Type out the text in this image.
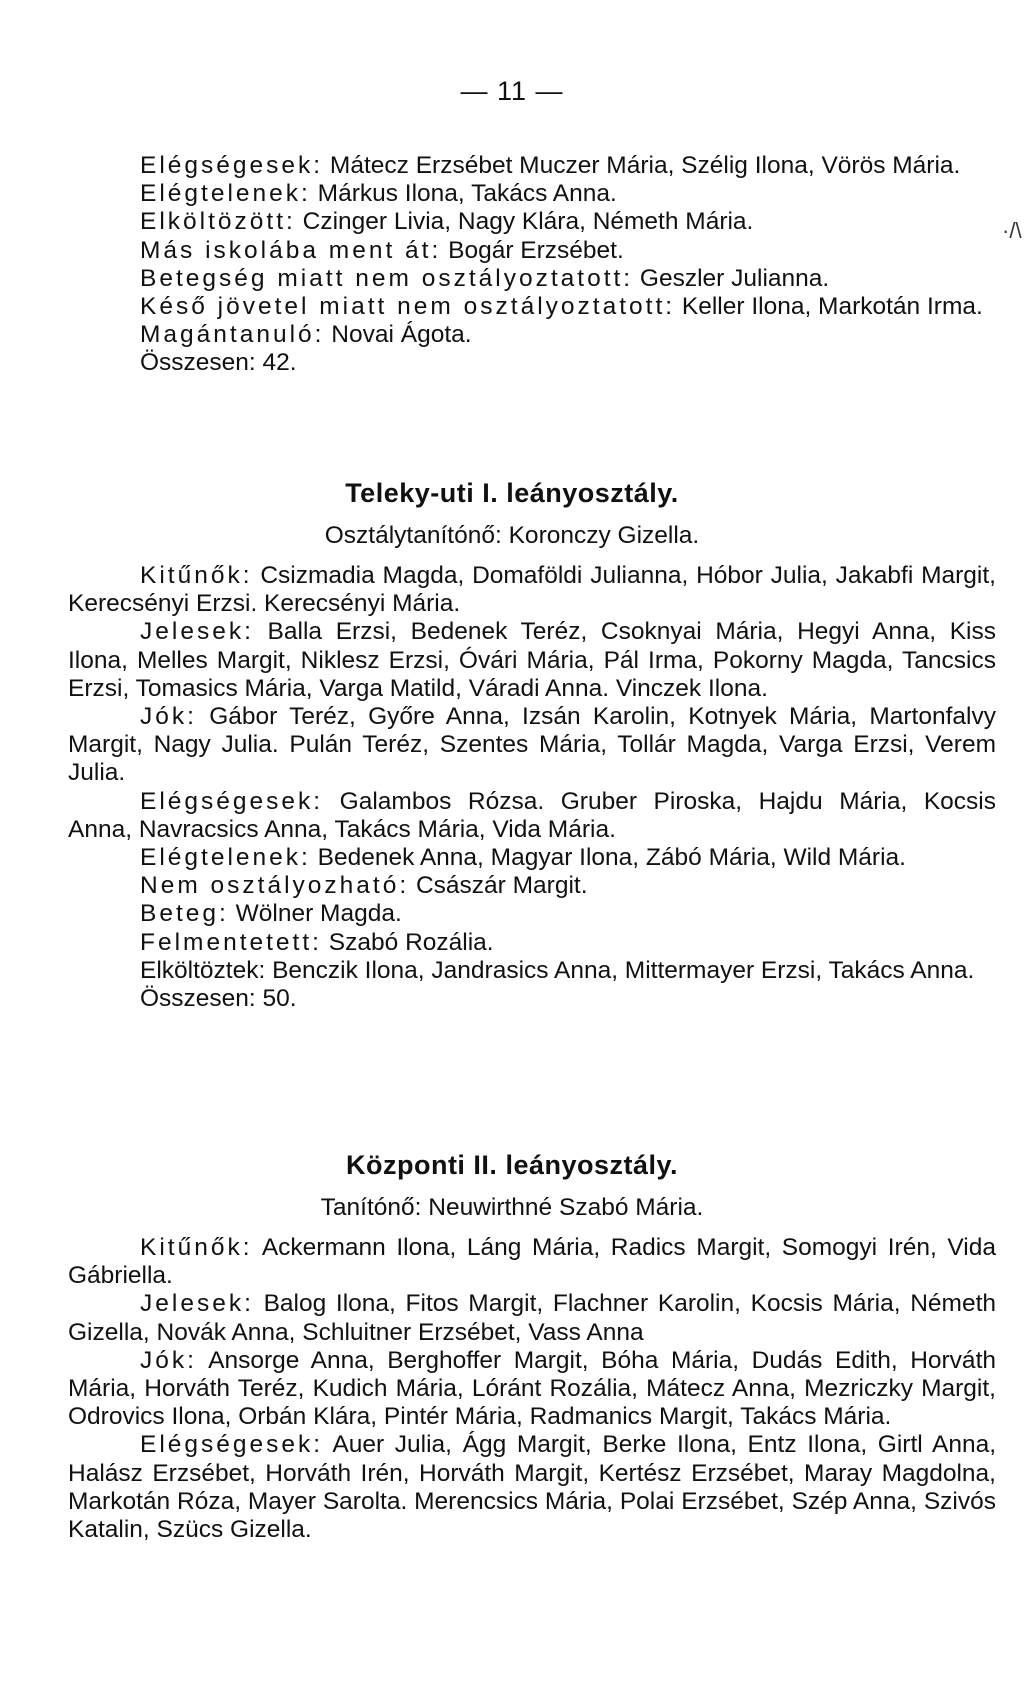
— 11 —
·/\

Elégségesek: Mátecz Erzsébet Muczer Mária, Szélig Ilona, Vörös Mária.

Elégtelenek: Márkus Ilona, Takács Anna.

Elköltözött: Czinger Livia, Nagy Klára, Németh Mária.

Más iskolába ment át: Bogár Erzsébet.

Betegség miatt nem osztályoztatott: Geszler Julianna.

Késő jövetel miatt nem osztályoztatott: Keller Ilona, Markotán Irma.

Magántanuló: Novai Ágota.

Összesen: 42.

Teleky-uti I. leányosztály.
Osztálytanítónő: Koronczy Gizella.

Kitűnők: Csizmadia Magda, Domaföldi Julianna, Hóbor Julia, Jakabfi Margit, Kerecsényi Erzsi. Kerecsényi Mária.

Jelesek: Balla Erzsi, Bedenek Teréz, Csoknyai Mária, Hegyi Anna, Kiss Ilona, Melles Margit, Niklesz Erzsi, Óvári Mária, Pál Irma, Pokorny Magda, Tancsics Erzsi, Tomasics Mária, Varga Matild, Váradi Anna. Vinczek Ilona.

Jók: Gábor Teréz, Győre Anna, Izsán Karolin, Kotnyek Mária, Martonfalvy Margit, Nagy Julia. Pulán Teréz, Szentes Mária, Tollár Magda, Varga Erzsi, Verem Julia.

Elégségesek: Galambos Rózsa. Gruber Piroska, Hajdu Mária, Kocsis Anna, Navracsics Anna, Takács Mária, Vida Mária.

Elégtelenek: Bedenek Anna, Magyar Ilona, Zábó Mária, Wild Mária.

Nem osztályozható: Császár Margit.

Beteg: Wölner Magda.

Felmentetett: Szabó Rozália.

Elköltöztek: Benczik Ilona, Jandrasics Anna, Mittermayer Erzsi, Takács Anna.

Összesen: 50.

Központi II. leányosztály.
Tanítónő: Neuwirthné Szabó Mária.

Kitűnők: Ackermann Ilona, Láng Mária, Radics Margit, Somogyi Irén, Vida Gábriella.

Jelesek: Balog Ilona, Fitos Margit, Flachner Karolin, Kocsis Mária, Németh Gizella, Novák Anna, Schluitner Erzsébet, Vass Anna

Jók: Ansorge Anna, Berghoffer Margit, Bóha Mária, Dudás Edith, Horváth Mária, Horváth Teréz, Kudich Mária, Lóránt Rozália, Mátecz Anna, Mezriczky Margit, Odrovics Ilona, Orbán Klára, Pintér Mária, Radmanics Margit, Takács Mária.

Elégségesek: Auer Julia, Ágg Margit, Berke Ilona, Entz Ilona, Girtl Anna, Halász Erzsébet, Horváth Irén, Horváth Margit, Kertész Erzsébet, Maray Magdolna, Markotán Róza, Mayer Sarolta. Merencsics Mária, Polai Erzsébet, Szép Anna, Szivós Katalin, Szücs Gizella.
